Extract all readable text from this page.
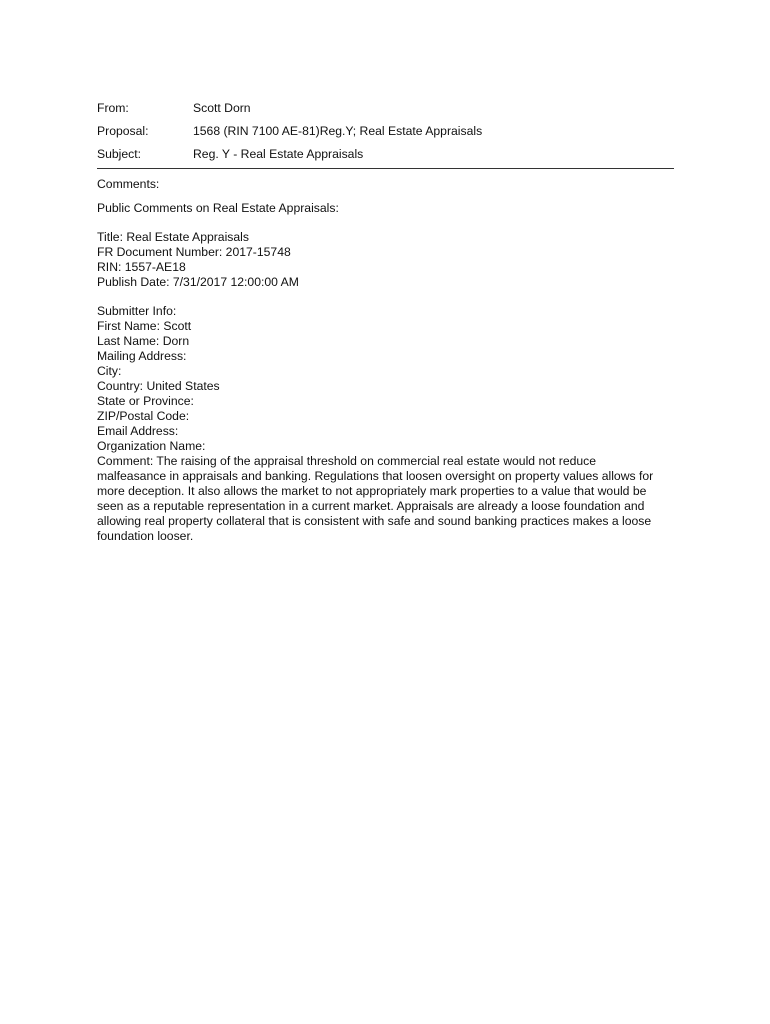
From:	Scott Dorn
Proposal:	1568 (RIN 7100 AE-81)Reg.Y; Real Estate Appraisals
Subject:	Reg. Y - Real Estate Appraisals
Comments:
Public Comments on Real Estate Appraisals:
Title: Real Estate Appraisals
FR Document Number: 2017-15748
RIN: 1557-AE18
Publish Date: 7/31/2017 12:00:00 AM
Submitter Info:
First Name: Scott
Last Name: Dorn
Mailing Address:
City:
Country: United States
State or Province:
ZIP/Postal Code:
Email Address:
Organization Name:
Comment: The raising of the appraisal threshold on commercial real estate would not reduce
malfeasance in appraisals and banking. Regulations that loosen oversight on property values allows for
more deception. It also allows the market to not appropriately mark properties to a value that would be
seen as a reputable representation in a current market. Appraisals are already a loose foundation and
allowing real property collateral that is consistent with safe and sound banking practices makes a loose
foundation looser.
